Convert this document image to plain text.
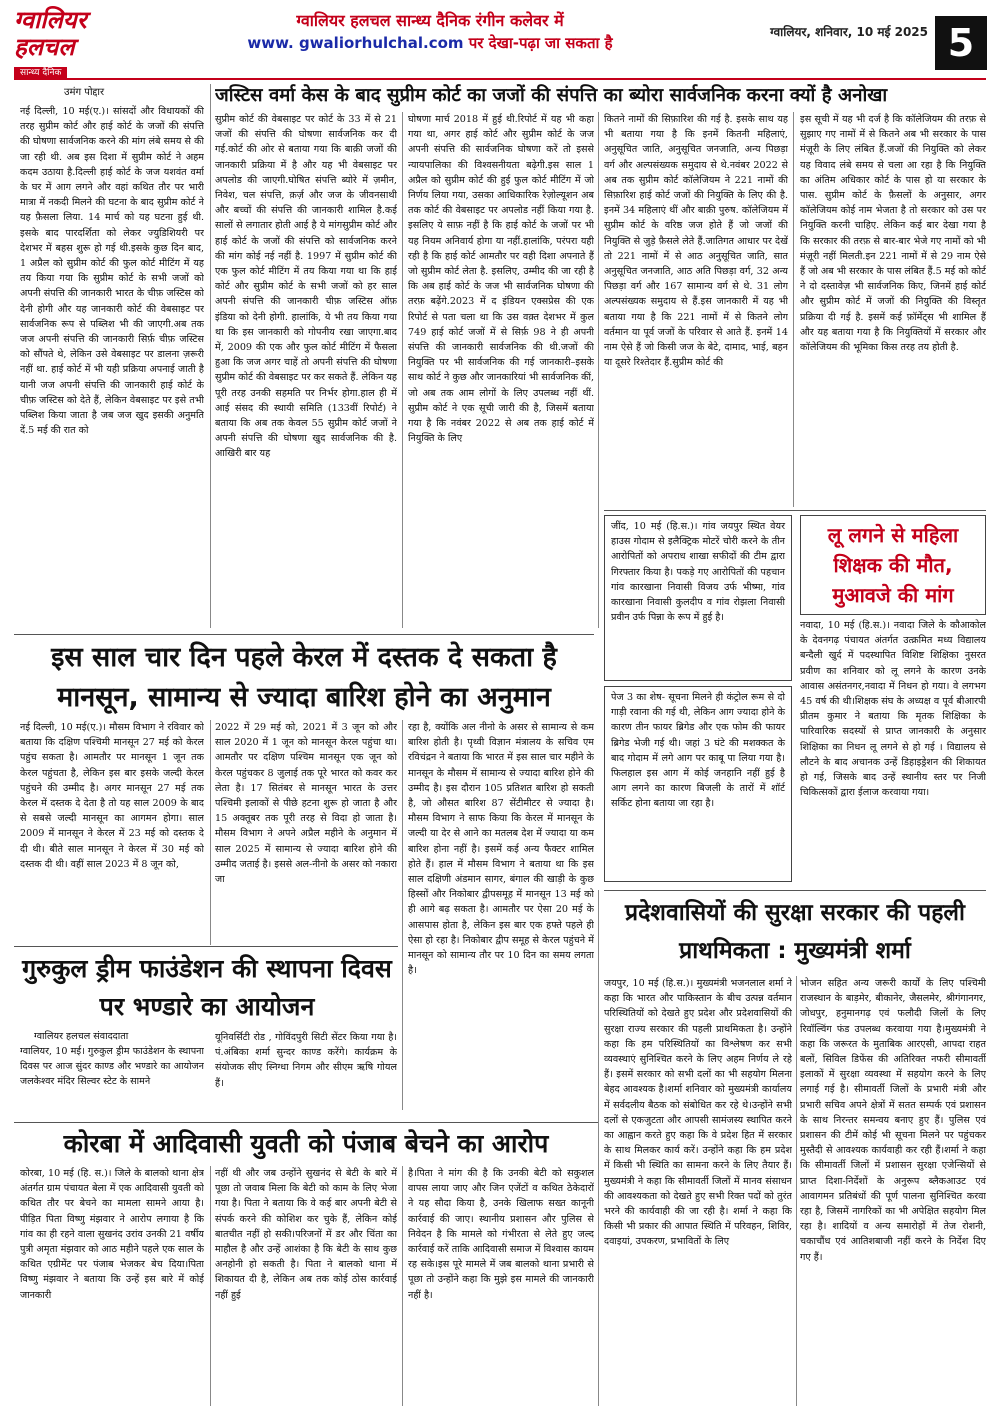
ग्वालियर
हलचल
सान्ध्य दैनिक
ग्वालियर हलचल सान्ध्य दैनिक रंगीन कलेवर में
www. gwaliorhulchal.com पर देखा-पढ़ा जा सकता है
ग्वालियर, शनिवार, 10 मई 2025 5
जस्टिस वर्मा केस के बाद सुप्रीम कोर्ट का जजों की संपत्ति का ब्योरा सार्वजनिक करना क्यों है अनोखा
उमंग पोद्दार
नई दिल्ली, 10 मई(ए.)। सांसदों और विधायकों की तरह सुप्रीम कोर्ट और हाई कोर्ट के जजों की संपत्ति की घोषणा सार्वजनिक करने की मांग लंबे समय से की जा रही थी. अब इस दिशा में सुप्रीम कोर्ट ने अहम कदम उठाया है.दिल्ली हाई कोर्ट के जज यशवंत वर्मा के घर में आग लगने और वहां कथित तौर पर भारी मात्रा में नकदी मिलने की घटना के बाद सुप्रीम कोर्ट ने यह फ़ैसला लिया. 14 मार्च को यह घटना हुई थी. इसके बाद पारदर्शिता को लेकर ज्युडिशियरी पर देशभर में बहस शुरू हो गई थी.इसके कुछ दिन बाद, 1 अप्रैल को सुप्रीम कोर्ट की फुल कोर्ट मीटिंग में यह तय किया गया कि सुप्रीम कोर्ट के सभी जजों को अपनी संपत्ति की जानकारी भारत के चीफ़ जस्टिस को देनी होगी और यह जानकारी कोर्ट की वेबसाइट पर सार्वजनिक रूप से पब्लिश भी की जाएगी.अब तक जज अपनी संपत्ति की जानकारी सिर्फ़ चीफ़ जस्टिस को सौंपते थे, लेकिन उसे वेबसाइट पर डालना ज़रूरी नहीं था. हाई कोर्ट में भी यही प्रक्रिया अपनाई जाती है यानी जज अपनी संपत्ति की जानकारी हाई कोर्ट के चीफ़ जस्टिस को देते हैं, लेकिन वेबसाइट पर इसे तभी पब्लिश किया जाता है जब जज खुद इसकी अनुमति दें.5 मई की रात को
सुप्रीम कोर्ट की वेबसाइट पर कोर्ट के 33 में से 21 जजों की संपत्ति की घोषणा सार्वजनिक कर दी गई.कोर्ट की ओर से बताया गया कि बाक़ी जजों की जानकारी प्रक्रिया में है और यह भी वेबसाइट पर अपलोड की जाएगी.घोषित संपत्ति ब्योरे में ज़मीन, निवेश, चल संपत्ति, क़र्ज़ और जज के जीवनसाथी और बच्चों की संपत्ति की जानकारी शामिल है.कई सालों से लगातार होती आई है ये मांगसुप्रीम कोर्ट और हाई कोर्ट के जजों की संपत्ति को सार्वजनिक करने की मांग कोई नई नहीं है. 1997 में सुप्रीम कोर्ट की एक फुल कोर्ट मीटिंग में तय किया गया था कि हाई कोर्ट और सुप्रीम कोर्ट के सभी जजों को हर साल अपनी संपत्ति की जानकारी चीफ़ जस्टिस ऑफ़ इंडिया को देनी होगी. हालांकि, ये भी तय किया गया था कि इस जानकारी को गोपनीय रखा जाएगा.बाद में, 2009 की एक और फुल कोर्ट मीटिंग में फैसला हुआ कि जज अगर चाहें तो अपनी संपत्ति की घोषणा सुप्रीम कोर्ट की वेबसाइट पर कर सकते हैं. लेकिन यह पूरी तरह उनकी सहमति पर निर्भर होगा.हाल ही में आई संसद की स्थायी समिति (133वीं रिपोर्ट) ने बताया कि अब तक केवल 55 सुप्रीम कोर्ट जजों ने अपनी संपत्ति की घोषणा खुद सार्वजनिक की है. आखिरी बार यह
घोषणा मार्च 2018 में हुई थी.रिपोर्ट में यह भी कहा गया था, अगर हाई कोर्ट और सुप्रीम कोर्ट के जज अपनी संपत्ति की सार्वजनिक घोषणा करें तो इससे न्यायपालिका की विश्वसनीयता बढ़ेगी.इस साल 1 अप्रैल को सुप्रीम कोर्ट की हुई फुल कोर्ट मीटिंग में जो निर्णय लिया गया, उसका आधिकारिक रेज़ोल्यूशन अब तक कोर्ट की वेबसाइट पर अपलोड नहीं किया गया है. इसलिए ये साफ़ नहीं है कि हाई कोर्ट के जजों पर भी यह नियम अनिवार्य होगा या नहीं.हालांकि, परंपरा यही रही है कि हाई कोर्ट आमतौर पर वही दिशा अपनाते हैं जो सुप्रीम कोर्ट लेता है. इसलिए, उम्मीद की जा रही है कि अब हाई कोर्ट के जज भी सार्वजनिक घोषणा की तरफ़ बढ़ेंगे.2023 में द इंडियन एक्सप्रेस की एक रिपोर्ट से पता चला था कि उस वक़्त देशभर में कुल 749 हाई कोर्ट जजों में से सिर्फ़ 98 ने ही अपनी संपत्ति की जानकारी सार्वजनिक की थी.जजों की नियुक्ति पर भी सार्वजनिक की गई जानकारी–इसके साथ कोर्ट ने कुछ और जानकारियां भी सार्वजनिक कीं, जो अब तक आम लोगों के लिए उपलब्ध नहीं थीं. सुप्रीम कोर्ट ने एक सूची जारी की है, जिसमें बताया गया है कि नवंबर 2022 से अब तक हाई कोर्ट में नियुक्ति के लिए
कितने नामों की सिफ़ारिश की गई है. इसके साथ यह भी बताया गया है कि इनमें कितनी महिलाएं, अनुसूचित जाति, अनुसूचित जनजाति, अन्य पिछड़ा वर्ग और अल्पसंख्यक समुदाय से थे.नवंबर 2022 से अब तक सुप्रीम कोर्ट कॉलेजियम ने 221 नामों की सिफ़ारिश हाई कोर्ट जजों की नियुक्ति के लिए की है. इनमें 34 महिलाएं थीं और बाक़ी पुरुष. कॉलेजियम में सुप्रीम कोर्ट के वरिष्ठ जज होते हैं जो जजों की नियुक्ति से जुड़े फ़ैसले लेते हैं.जातिगत आधार पर देखें तो 221 नामों में से आठ अनुसूचित जाति, सात अनुसूचित जनजाति, आठ अति पिछड़ा वर्ग, 32 अन्य पिछड़ा वर्ग और 167 सामान्य वर्ग से थे. 31 लोग अल्पसंख्यक समुदाय से हैं.इस जानकारी में यह भी बताया गया है कि 221 नामों में से कितने लोग वर्तमान या पूर्व जजों के परिवार से आते हैं. इनमें 14 नाम ऐसे हैं जो किसी जज के बेटे, दामाद, भाई, बहन या दूसरे रिश्तेदार हैं.सुप्रीम कोर्ट की
इस सूची में यह भी दर्ज है कि कॉलेजियम की तरफ़ से सुझाए गए नामों में से कितने अब भी सरकार के पास मंज़ूरी के लिए लंबित हैं.जजों की नियुक्ति को लेकर यह विवाद लंबे समय से चला आ रहा है कि नियुक्ति का अंतिम अधिकार कोर्ट के पास हो या सरकार के पास. सुप्रीम कोर्ट के फ़ैसलों के अनुसार, अगर कॉलेजियम कोई नाम भेजता है तो सरकार को उस पर नियुक्ति करनी चाहिए. लेकिन कई बार देखा गया है कि सरकार की तरफ़ से बार-बार भेजे गए नामों को भी मंज़ूरी नहीं मिलती.इन 221 नामों में से 29 नाम ऐसे हैं जो अब भी सरकार के पास लंबित हैं.5 मई को कोर्ट ने दो दस्तावेज़ भी सार्वजनिक किए, जिनमें हाई कोर्ट और सुप्रीम कोर्ट में जजों की नियुक्ति की विस्तृत प्रक्रिया दी गई है. इसमें कई फ़ॉर्मेट्स भी शामिल हैं और यह बताया गया है कि नियुक्तियों में सरकार और कॉलेजियम की भूमिका किस तरह तय होती है.
जींद, 10 मई (हि.स.)। गांव जयपुर स्थित वेयर हाउस गोदाम से इलैक्ट्रिक मोटरें चोरी करने के तीन आरोपितों को अपराध शाखा सफीदों की टीम द्वारा गिरफ्तार किया है। पकड़े गए आरोपितों की पहचान गांव कारखाना निवासी विजय उर्फ भीष्मा, गांव कारखाना निवासी कुलदीप व गांव रोझला निवासी प्रवीन उर्फ पिन्ना के रूप में हुई है।
लू लगने से महिला शिक्षक की मौत, मुआवजे की मांग
नवादा, 10 मई (हि.स.)। नवादा जिले के कौआकोल के देवनगढ़ पंचायत अंतर्गत उत्क्रमित मध्य विद्यालय बन्दैली खुर्द में पदस्थापित विशिष्ट शिक्षिका नुसरत प्रवीण का शनिवार को लू लगने के कारण उनके आवास असंतनगर,नवादा में निधन हो गया। वे लगभग 45 वर्ष की थी।शिक्षक संघ के अध्यक्ष व पूर्व बीआरपी प्रीतम कुमार ने बताया कि मृतक शिक्षिका के पारिवारिक सदस्यों से प्राप्त जानकारी के अनुसार शिक्षिका का निधन लू लगने से हो गई । विद्यालय से लौटने के बाद अचानक उन्हें डिहाइड्रेशन की शिकायत हो गई, जिसके बाद उन्हें स्थानीय स्तर पर निजी चिकित्सकों द्वारा ईलाज करवाया गया।
इस साल चार दिन पहले केरल में दस्तक दे सकता है मानसून, सामान्य से ज्यादा बारिश होने का अनुमान
नई दिल्ली, 10 मई(ए.)। मौसम विभाग ने रविवार को बताया कि दक्षिण पश्चिमी मानसून 27 मई को केरल पहुंच सकता है। आमतौर पर मानसून 1 जून तक केरल पहुंचता है, लेकिन इस बार इसके जल्दी केरल पहुंचने की उम्मीद है। अगर मानसून 27 मई तक केरल में दस्तक दे देता है तो यह साल 2009 के बाद से सबसे जल्दी मानसून का आगमन होगा। साल 2009 में मानसून ने केरल में 23 मई को दस्तक दे दी थी। बीते साल मानसून ने केरल में 30 मई को दस्तक दी थी। वहीं साल 2023 में 8 जून को,
2022 में 29 मई को, 2021 में 3 जून को और साल 2020 में 1 जून को मानसून केरल पहुंचा था। आमतौर पर दक्षिण पश्चिम मानसून एक जून को केरल पहुंचकर 8 जुलाई तक पूरे भारत को कवर कर लेता है। 17 सितंबर से मानसून भारत के उत्तर पश्चिमी इलाकों से पीछे हटना शुरू हो जाता है और 15 अक्तूबर तक पूरी तरह से विदा हो जाता है। मौसम विभाग ने अपने अप्रैल महीने के अनुमान में साल 2025 में सामान्य से ज्यादा बारिश होने की उम्मीद जताई है। इससे अल-नीनो के असर को नकारा जा
रहा है, क्योंकि अल नीनो के असर से सामान्य से कम बारिश होती है। पृथ्वी विज्ञान मंत्रालय के सचिव एम रविचंद्रन ने बताया कि भारत में इस साल चार महीने के मानसून के मौसम में सामान्य से ज्यादा बारिश होने की उम्मीद है। इस दौरान 105 प्रतिशत बारिश हो सकती है, जो औसत बारिश 87 सेंटीमीटर से ज्यादा है। मौसम विभाग ने साफ किया कि केरल में मानसून के जल्दी या देर से आने का मतलब देश में ज्यादा या कम बारिश होना नहीं है। इसमें कई अन्य फैक्टर शामिल होते हैं। हाल में मौसम विभाग ने बताया था कि इस साल दक्षिणी अंडमान सागर, बंगाल की खाड़ी के कुछ हिस्सों और निकोबार द्वीपसमूह में मानसून 13 मई को ही आगे बढ़ सकता है। आमतौर पर ऐसा 20 मई के आसपास होता है, लेकिन इस बार एक हफ्ते पहले ही ऐसा हो रहा है। निकोबार द्वीप समूह से केरल पहुंचने में मानसून को सामान्य तौर पर 10 दिन का समय लगता है।
पेज 3 का शेष- सूचना मिलने ही कंट्रोल रूम से दो गाड़ी रवाना की गई थी, लेकिन आग ज्यादा होने के कारण तीन फायर ब्रिगेड और एक फोम की फायर ब्रिगेड भेजी गई थी। जहां 3 घंटे की मशक्कत के बाद गोदाम में लगे आग पर काबू पा लिया गया है। फिलहाल इस आग में कोई जनहानि नहीं हुई है आग लगने का कारण बिजली के तारों में शॉर्ट सर्किट होना बताया जा रहा है।
गुरुकुल ड्रीम फाउंडेशन की स्थापना दिवस पर भण्डारे का आयोजन
ग्वालियर हलचल संवाददाता
ग्वालियर, 10 मई। गुरुकुल ड्रीम फाउंडेशन के स्थापना दिवस पर आज सुंदर काण्ड और भण्डारे का आयोजन जलकेश्वर मंदिर सिल्वर स्टेट के सामने
यूनिवर्सिटी रोड , गोविंदपुरी सिटी सेंटर किया गया है। पं.अंबिका शर्मा सुन्दर काण्ड करेंगे। कार्यक्रम के संयोजक सीए स्निग्धा निगम और सीएम ऋषि गोयल हैं।
प्रदेशवासियों की सुरक्षा सरकार की पहली प्राथमिकता : मुख्यमंत्री शर्मा
जयपुर, 10 मई (हि.स.)। मुख्यमंत्री भजनलाल शर्मा ने कहा कि भारत और पाकिस्तान के बीच उत्पन्न वर्तमान परिस्थितियों को देखते हुए प्रदेश और प्रदेशवासियों की सुरक्षा राज्य सरकार की पहली प्राथमिकता है। उन्होंने कहा कि हम परिस्थितियों का विश्लेषण कर सभी व्यवस्थाएं सुनिश्चित करने के लिए अहम निर्णय ले रहे हैं। इसमें सरकार को सभी दलों का भी सहयोग मिलना बेहद आवश्यक है।शर्मा शनिवार को मुख्यमंत्री कार्यालय में सर्वदलीय बैठक को संबोधित कर रहे थे।उन्होंने सभी दलों से एकजुटता और आपसी सामंजस्य स्थापित करने का आह्वान करते हुए कहा कि वे प्रदेश हित में सरकार के साथ मिलकर कार्य करें। उन्होंने कहा कि हम प्रदेश में किसी भी स्थिति का सामना करने के लिए तैयार हैं। मुख्यमंत्री ने कहा कि सीमावर्ती जिलों में मानव संसाधन की आवश्यकता को देखते हुए सभी रिक्त पदों को तुरंत भरने की कार्यवाही की जा रही है। शर्मा ने कहा कि किसी भी प्रकार की आपात स्थिति में परिवहन, शिविर, दवाइयां, उपकरण, प्रभावितों के लिए
भोजन सहित अन्य जरूरी कार्यों के लिए पश्चिमी राजस्थान के बाड़मेर, बीकानेर, जैसलमेर, श्रीगंगानगर, जोधपुर, हनुमानगढ़ एवं फलौदी जिलों के लिए रिवॉल्विंग फंड उपलब्ध करवाया गया है।मुख्यमंत्री ने कहा कि जरूरत के मुताबिक आरएसी, आपदा राहत बलों, सिविल डिफेंस की अतिरिक्त नफरी सीमावर्ती इलाकों में सुरक्षा व्यवस्था में सहयोग करने के लिए लगाई गई है। सीमावर्ती जिलों के प्रभारी मंत्री और प्रभारी सचिव अपने क्षेत्रों में सतत सम्पर्क एवं प्रशासन के साथ निरन्तर समन्वय बनाए हुए हैं। पुलिस एवं प्रशासन की टीमें कोई भी सूचना मिलने पर पहुंचकर मुस्तैदी से आवश्यक कार्यवाही कर रही हैं।शर्मा ने कहा कि सीमावर्ती जिलों में प्रशासन सुरक्षा एजेन्सियों से प्राप्त दिशा-निर्देशों के अनुरूप ब्लैकआउट एवं आवागमन प्रतिबंधों की पूर्ण पालना सुनिश्चित करवा रहा है, जिसमें नागरिकों का भी अपेक्षित सहयोग मिल रहा है। शादियों व अन्य समारोहों में तेज रोशनी, चकाचौंध एवं आतिशबाजी नहीं करने के निर्देश दिए गए हैं।
कोरबा में आदिवासी युवती को पंजाब बेचने का आरोप
कोरबा, 10 मई (हि. स.)। जिले के बालको थाना क्षेत्र अंतर्गत ग्राम पंचायत बेला में एक आदिवासी युवती को कथित तौर पर बेचने का मामला सामने आया है। पीड़ित पिता विष्णु मंझवार ने आरोप लगाया है कि गांव का ही रहने वाला सुखनंद उरांव उनकी 21 वर्षीय पुत्री अमृता मंझवार को आठ महीने पहले एक साल के कथित एग्रीमेंट पर पंजाब भेजकर बेच दिया।पिता विष्णु मंझवार ने बताया कि उन्हें इस बारे में कोई जानकारी
नहीं थी और जब उन्होंने सुखनंद से बेटी के बारे में पूछा तो जवाब मिला कि बेटी को काम के लिए भेजा गया है। पिता ने बताया कि वे कई बार अपनी बेटी से संपर्क करने की कोशिश कर चुके हैं, लेकिन कोई बातचीत नहीं हो सकी।परिजनों में डर और चिंता का माहौल है और उन्हें आशंका है कि बेटी के साथ कुछ अनहोनी हो सकती है। पिता ने बालको थाना में शिकायत दी है, लेकिन अब तक कोई ठोस कार्रवाई नहीं हुई
है।पिता ने मांग की है कि उनकी बेटी को सकुशल वापस लाया जाए और जिन एजेंटों व कथित ठेकेदारों ने यह सौदा किया है, उनके खिलाफ सख्त कानूनी कार्रवाई की जाए। स्थानीय प्रशासन और पुलिस से निवेदन है कि मामले को गंभीरता से लेते हुए जल्द कार्रवाई करें ताकि आदिवासी समाज में विश्वास कायम रह सके।इस पूरे मामले में जब बालको थाना प्रभारी से पूछा तो उन्होंने कहा कि मुझे इस मामले की जानकारी नहीं है।
